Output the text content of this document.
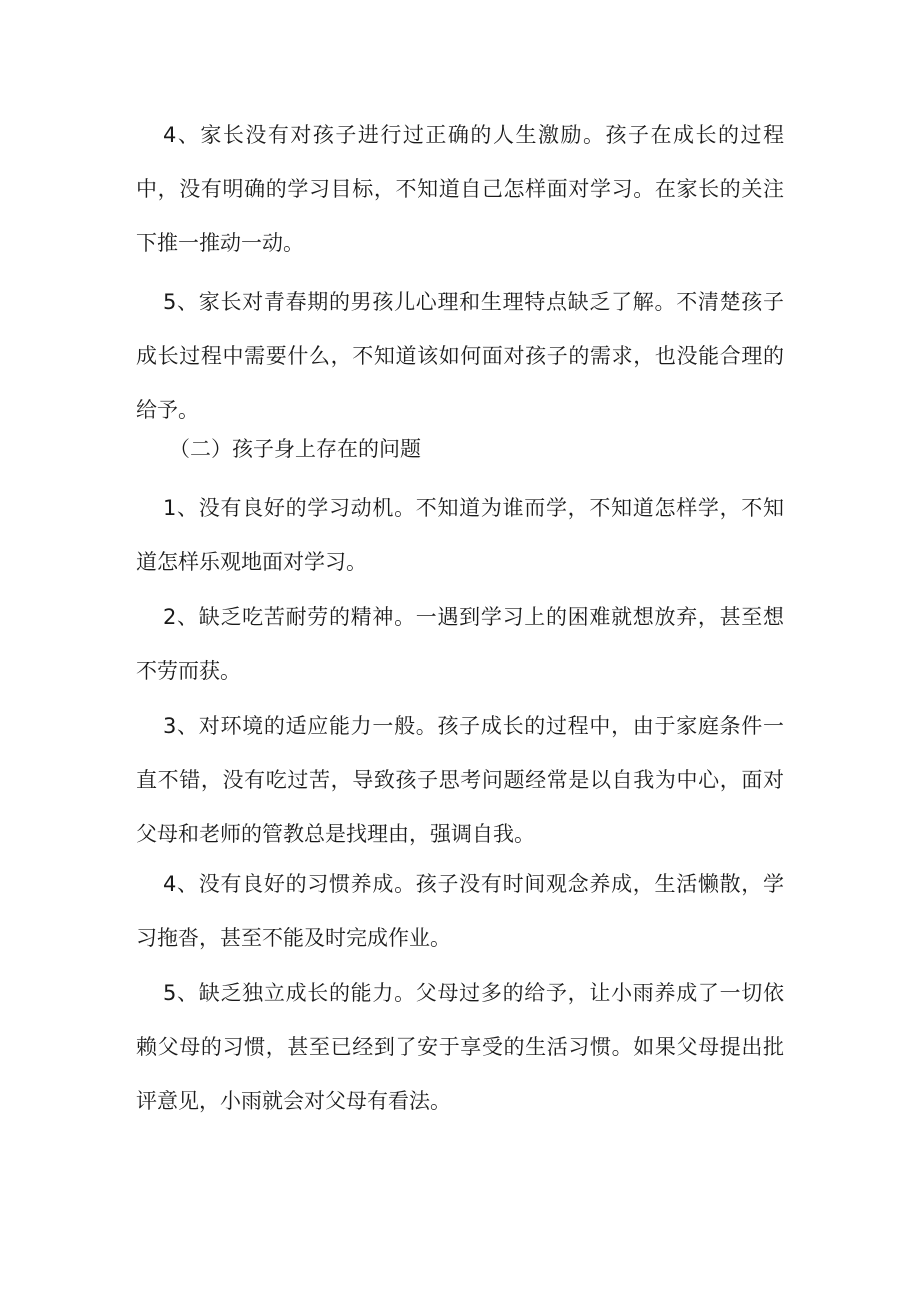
4、家长没有对孩子进行过正确的人生激励。孩子在成长的过程中，没有明确的学习目标，不知道自己怎样面对学习。在家长的关注下推一推动一动。

5、家长对青春期的男孩儿心理和生理特点缺乏了解。不清楚孩子成长过程中需要什么，不知道该如何面对孩子的需求，也没能合理的给予。

（二）孩子身上存在的问题

1、没有良好的学习动机。不知道为谁而学，不知道怎样学，不知道怎样乐观地面对学习。

2、缺乏吃苦耐劳的精神。一遇到学习上的困难就想放弃，甚至想不劳而获。

3、对环境的适应能力一般。孩子成长的过程中，由于家庭条件一直不错，没有吃过苦，导致孩子思考问题经常是以自我为中心，面对父母和老师的管教总是找理由，强调自我。

4、没有良好的习惯养成。孩子没有时间观念养成，生活懒散，学习拖沓，甚至不能及时完成作业。

5、缺乏独立成长的能力。父母过多的给予，让小雨养成了一切依赖父母的习惯，甚至已经到了安于享受的生活习惯。如果父母提出批评意见，小雨就会对父母有看法。
